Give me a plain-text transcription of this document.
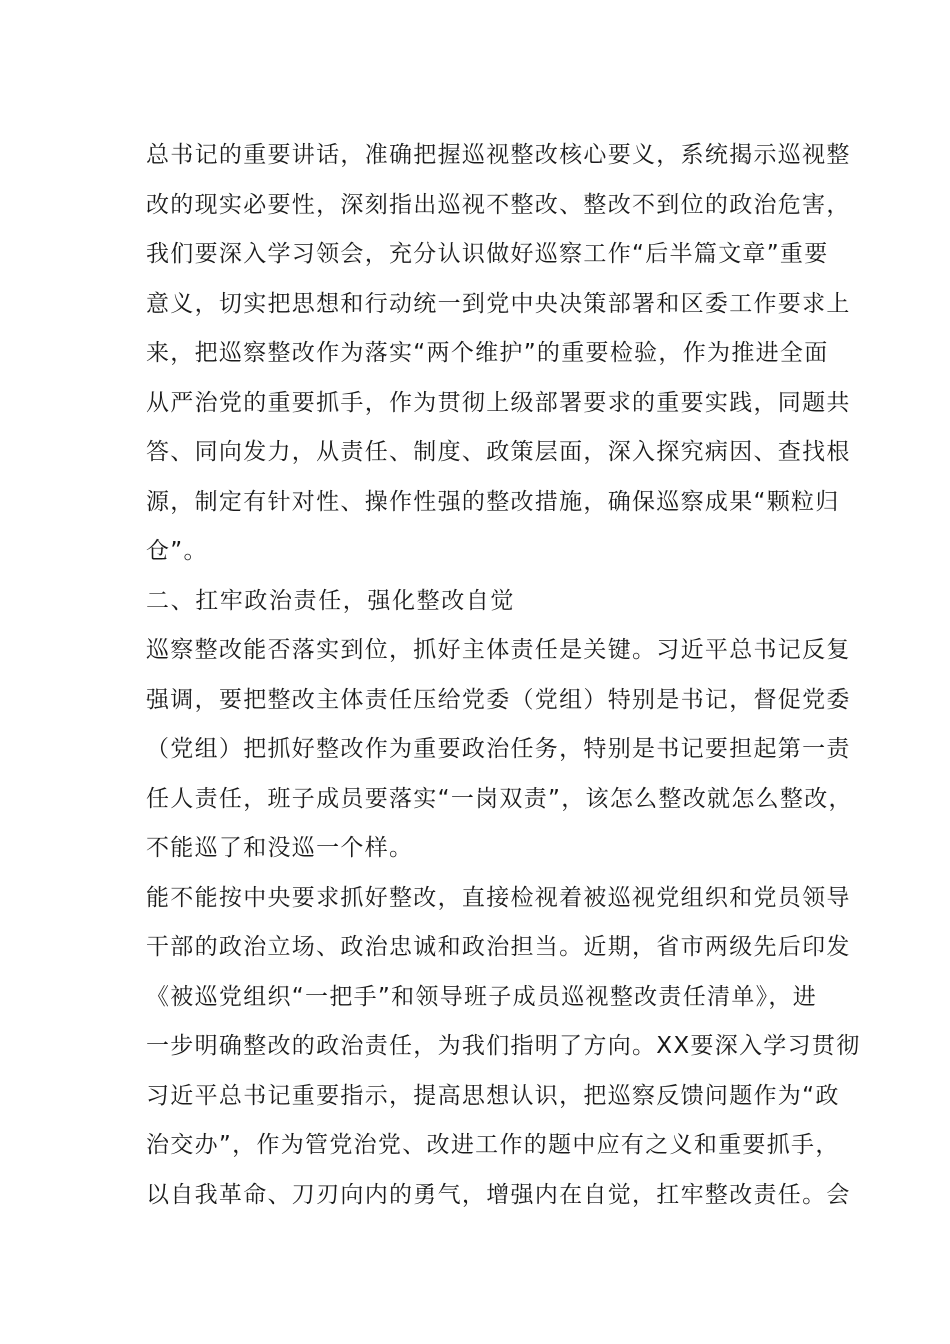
总书记的重要讲话，准确把握巡视整改核心要义，系统揭示巡视整
改的现实必要性，深刻指出巡视不整改、整改不到位的政治危害，
我们要深入学习领会，充分认识做好巡察工作“后半篇文章”重要
意义，切实把思想和行动统一到党中央决策部署和区委工作要求上
来，把巡察整改作为落实“两个维护”的重要检验，作为推进全面
从严治党的重要抓手，作为贯彻上级部署要求的重要实践，同题共
答、同向发力，从责任、制度、政策层面，深入探究病因、查找根
源，制定有针对性、操作性强的整改措施，确保巡察成果“颗粒归
仓”。
二、扛牢政治责任，强化整改自觉
巡察整改能否落实到位，抓好主体责任是关键。习近平总书记反复
强调，要把整改主体责任压给党委（党组）特别是书记，督促党委
（党组）把抓好整改作为重要政治任务，特别是书记要担起第一责
任人责任，班子成员要落实“一岗双责”，该怎么整改就怎么整改，
不能巡了和没巡一个样。
能不能按中央要求抓好整改，直接检视着被巡视党组织和党员领导
干部的政治立场、政治忠诚和政治担当。近期，省市两级先后印发
《被巡党组织“一把手”和领导班子成员巡视整改责任清单》，进
一步明确整改的政治责任，为我们指明了方向。XX要深入学习贯彻
习近平总书记重要指示，提高思想认识，把巡察反馈问题作为“政
治交办”，作为管党治党、改进工作的题中应有之义和重要抓手，
以自我革命、刀刃向内的勇气，增强内在自觉，扛牢整改责任。会
